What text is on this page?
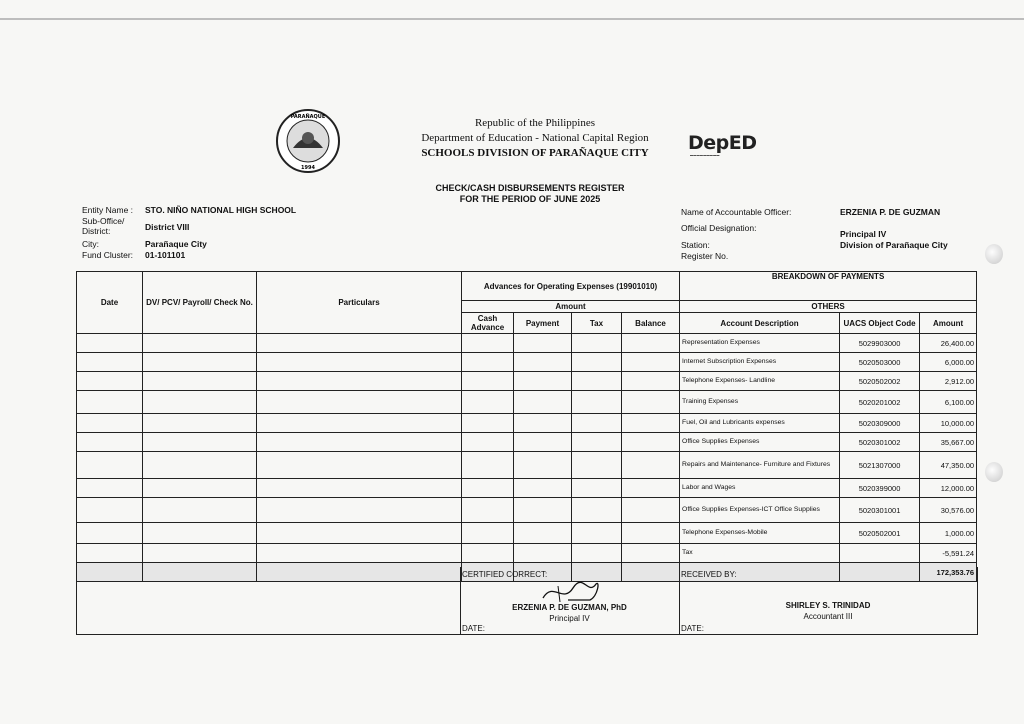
PARAÑAQUE
1994
Republic of the Philippines
Department of Education - National Capital Region
SCHOOLS DIVISION OF PARAÑAQUE CITY	DepED
▬▬▬▬▬▬▬▬▬
CHECK/CASH DISBURSEMENTS REGISTER
FOR THE PERIOD OF JUNE 2025
Entity Name : STO. NIÑO NATIONAL HIGH SCHOOL
Sub-Office/ District:	District VIII
City:	Parañaque City
Fund Cluster: 01-101101
Name of Accountable Officer:	ERZENIA P. DE GUZMAN
Official Designation:
Principal IV
Station:	Division of Parañaque City
Register No.
Date	DV/ PCV/ Payroll/ Check No.	Particulars	Advances for Operating Expenses (19901010)				BREAKDOWN OF PAYMENTS		
			Amount				OTHERS		
			Cash Advance	Payment	Tax	Balance	Account Description	UACS Object Code	Amount
							Representation Expenses	5029903000	26,400.00
							Internet Subscription Expenses	5020503000	6,000.00
							Telephone Expenses- Landline	5020502002	2,912.00
							Training Expenses	5020201002	6,100.00
							Fuel, Oil and Lubricants expenses	5020309000	10,000.00
							Office Supplies Expenses	5020301002	35,667.00
							Repairs and Maintenance- Furniture and Fixtures	5021307000	47,350.00
							Labor and Wages	5020399000	12,000.00
							Office Supplies Expenses-ICT Office Supplies	5020301001	30,576.00
							Telephone Expenses-Mobile	5020502001	1,000.00
							Tax		-5,591.24
									172,353.76
CERTIFIED CORRECT:
ERZENIA P. DE GUZMAN, PhD
Principal IV
DATE:
RECEIVED BY:
SHIRLEY S. TRINIDAD
Accountant III
DATE:
